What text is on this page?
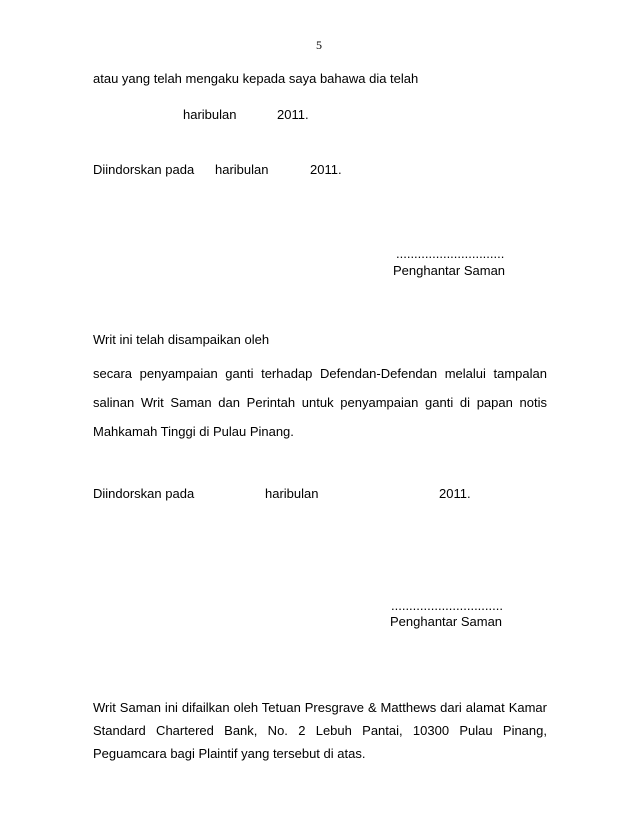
5
atau yang telah mengaku kepada saya bahawa dia telah
haribulan	2011.
Diindorskan pada haribulan	2011.
..............................
Penghantar Saman
Writ ini telah disampaikan oleh
secara penyampaian ganti terhadap Defendan-Defendan melalui tampalan
salinan Writ Saman dan Perintah untuk penyampaian ganti di papan notis
Mahkamah Tinggi di Pulau Pinang.
Diindorskan pada	haribulan	2011.
...............................
Penghantar Saman
Writ Saman ini difailkan oleh Tetuan Presgrave & Matthews dari alamat Kamar
Standard Chartered Bank, No. 2 Lebuh Pantai, 10300 Pulau Pinang,
Peguamcara bagi Plaintif yang tersebut di atas.
